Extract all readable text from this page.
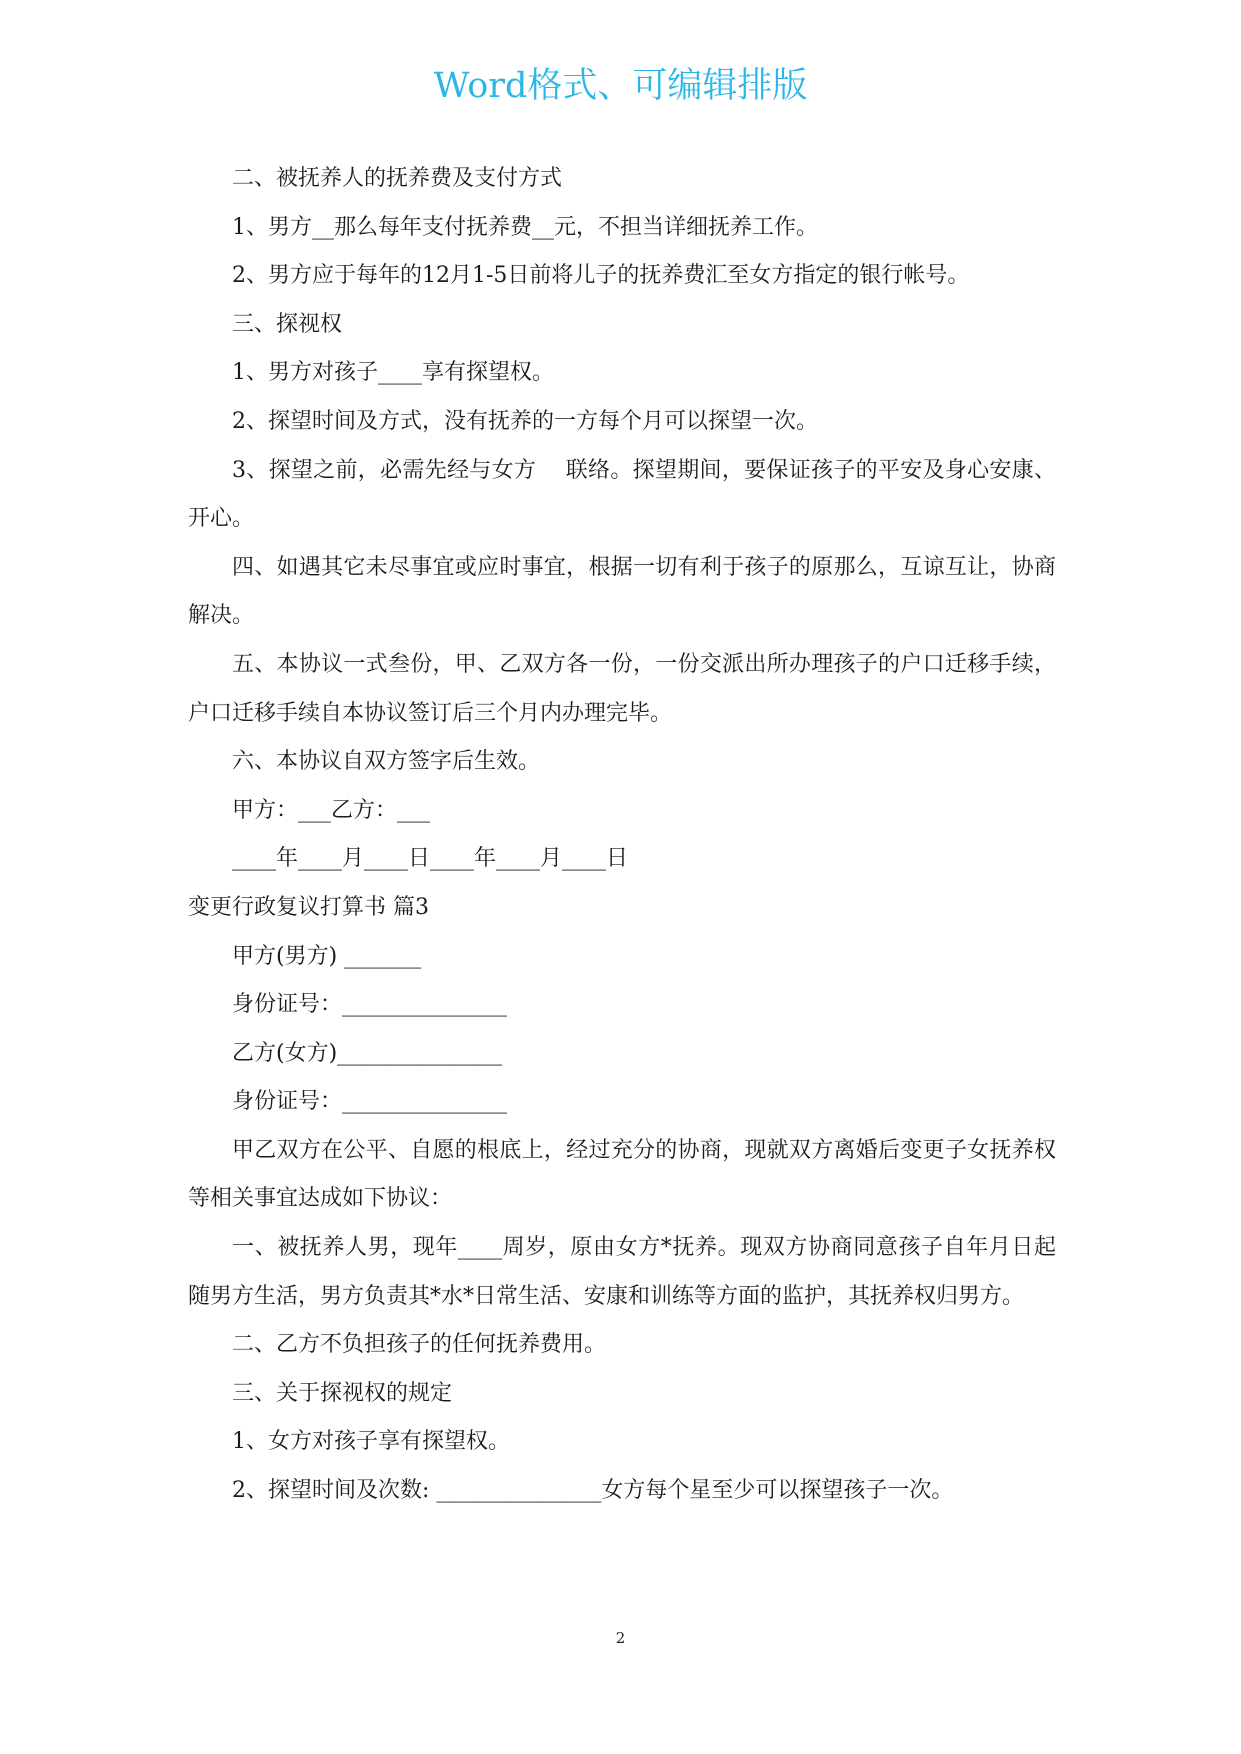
Word格式、可编辑排版

二、被抚养人的抚养费及支付方式

1、男方__那么每年支付抚养费__元，不担当详细抚养工作。

2、男方应于每年的12月1-5日前将儿子的抚养费汇至女方指定的银行帐号。

三、探视权

1、男方对孩子____享有探望权。

2、探望时间及方式，没有抚养的一方每个月可以探望一次。

3、探望之前，必需先经与女方　 联络。探望期间，要保证孩子的平安及身心安康、开心。

四、如遇其它未尽事宜或应时事宜，根据一切有利于孩子的原那么，互谅互让，协商解决。

五、本协议一式叁份，甲、乙双方各一份，一份交派出所办理孩子的户口迁移手续，户口迁移手续自本协议签订后三个月内办理完毕。

六、本协议自双方签字后生效。

甲方：___乙方：___

____年____月____日____年____月____日

变更行政复议打算书 篇3

甲方(男方) _______

身份证号：_______________

乙方(女方)_______________

身份证号：_______________

甲乙双方在公平、自愿的根底上，经过充分的协商，现就双方离婚后变更子女抚养权等相关事宜达成如下协议：

一、被抚养人男，现年____周岁，原由女方*抚养。现双方协商同意孩子自年月日起随男方生活，男方负责其*水*日常生活、安康和训练等方面的监护，其抚养权归男方。

二、乙方不负担孩子的任何抚养费用。

三、关于探视权的规定

1、女方对孩子享有探望权。

2、探望时间及次数: _______________女方每个星至少可以探望孩子一次。

2
